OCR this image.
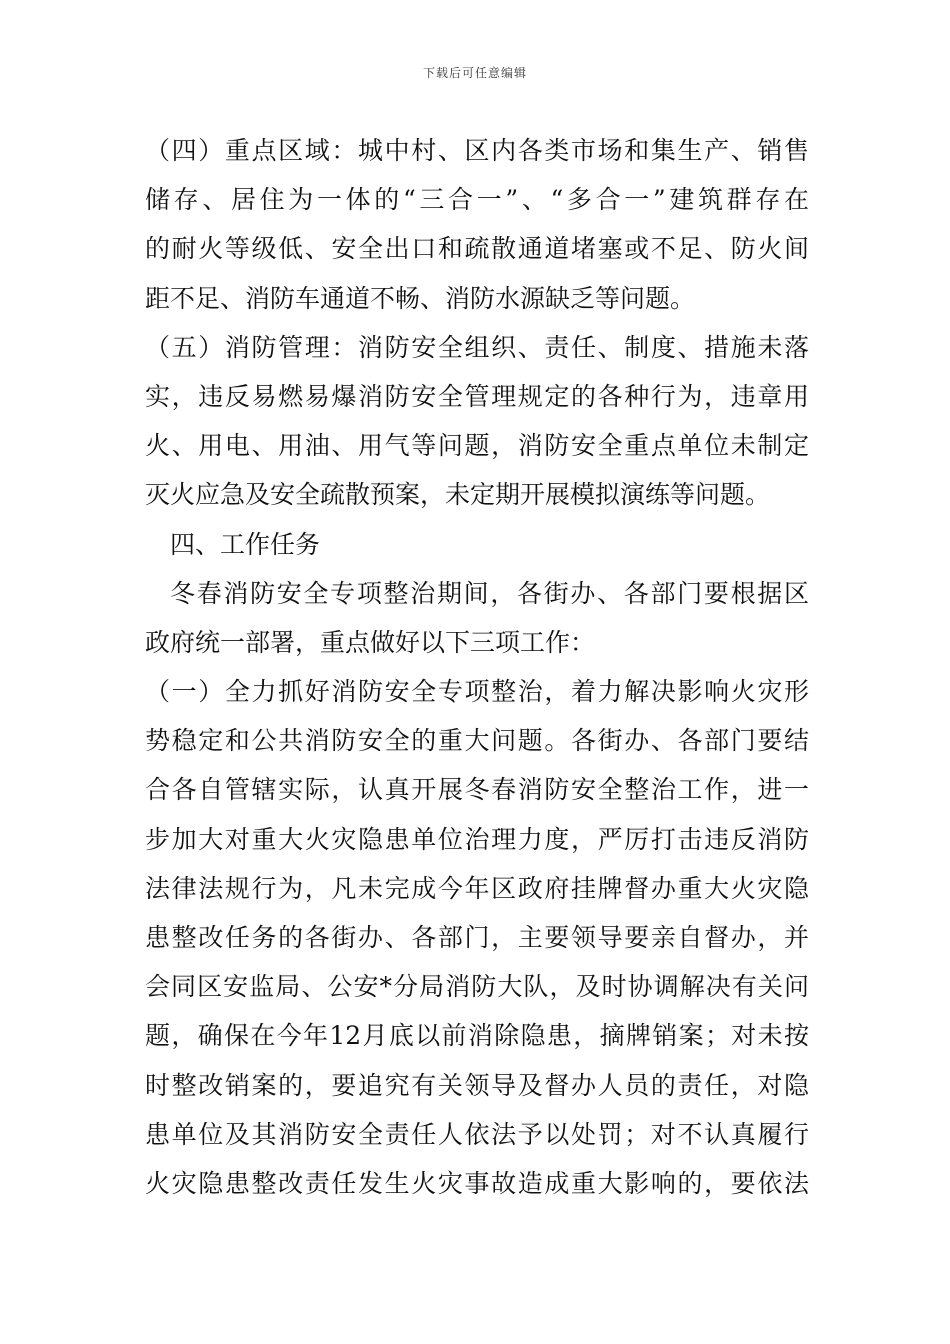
下载后可任意编辑
（四）重点区域：城中村、区内各类市场和集生产、销售
储存、居住为一体的“三合一”、“多合一”建筑群存在
的耐火等级低、安全出口和疏散通道堵塞或不足、防火间
距不足、消防车通道不畅、消防水源缺乏等问题。
（五）消防管理：消防安全组织、责任、制度、措施未落
实，违反易燃易爆消防安全管理规定的各种行为，违章用
火、用电、用油、用气等问题，消防安全重点单位未制定
灭火应急及安全疏散预案，未定期开展模拟演练等问题。
四、工作任务
冬春消防安全专项整治期间，各街办、各部门要根据区
政府统一部署，重点做好以下三项工作：
（一）全力抓好消防安全专项整治，着力解决影响火灾形
势稳定和公共消防安全的重大问题。各街办、各部门要结
合各自管辖实际，认真开展冬春消防安全整治工作，进一
步加大对重大火灾隐患单位治理力度，严厉打击违反消防
法律法规行为，凡未完成今年区政府挂牌督办重大火灾隐
患整改任务的各街办、各部门，主要领导要亲自督办，并
会同区安监局、公安*分局消防大队，及时协调解决有关问
题，确保在今年12月底以前消除隐患，摘牌销案；对未按
时整改销案的，要追究有关领导及督办人员的责任，对隐
患单位及其消防安全责任人依法予以处罚；对不认真履行
火灾隐患整改责任发生火灾事故造成重大影响的，要依法
